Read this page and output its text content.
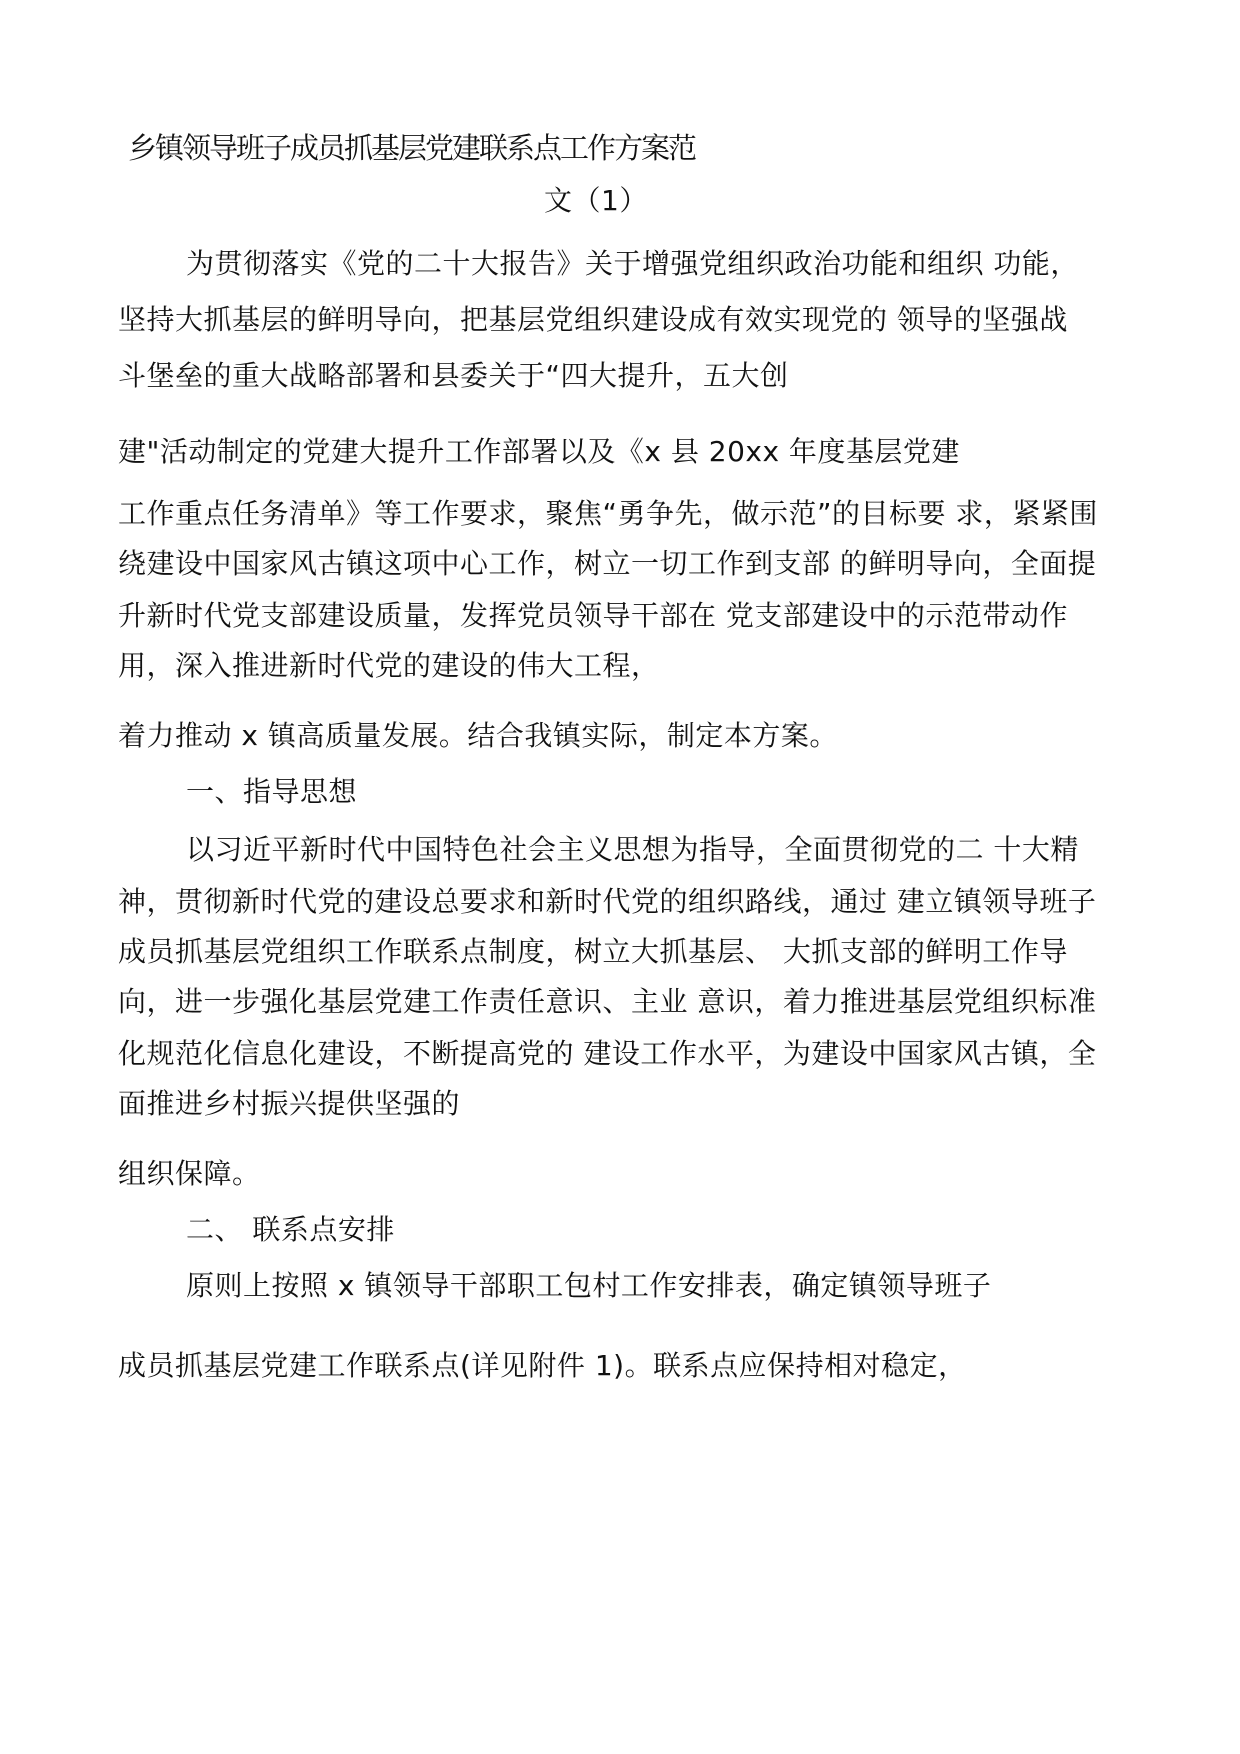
乡镇领导班子成员抓基层党建联系点工作方案范
文（1）
为贯彻落实《党的二十大报告》关于增强党组织政治功能和组织 功能，
坚持大抓基层的鲜明导向，把基层党组织建设成有效实现党的 领导的坚强战
斗堡垒的重大战略部署和县委关于“四大提升，五大创
建"活动制定的党建大提升工作部署以及《x 县 20xx 年度基层党建
工作重点任务清单》等工作要求，聚焦“勇争先，做示范”的目标要 求，紧紧围
绕建设中国家风古镇这项中心工作，树立一切工作到支部 的鲜明导向，全面提
升新时代党支部建设质量，发挥党员领导干部在 党支部建设中的示范带动作
用，深入推进新时代党的建设的伟大工程，
着力推动 x 镇高质量发展。结合我镇实际，制定本方案。
一、指导思想
以习近平新时代中国特色社会主义思想为指导，全面贯彻党的二 十大精
神，贯彻新时代党的建设总要求和新时代党的组织路线，通过 建立镇领导班子
成员抓基层党组织工作联系点制度，树立大抓基层、 大抓支部的鲜明工作导
向，进一步强化基层党建工作责任意识、主业 意识，着力推进基层党组织标准
化规范化信息化建设，不断提高党的 建设工作水平，为建设中国家风古镇，全
面推进乡村振兴提供坚强的
组织保障。
二、 联系点安排
原则上按照 x 镇领导干部职工包村工作安排表，确定镇领导班子
成员抓基层党建工作联系点(详见附件 1)。联系点应保持相对稳定，
